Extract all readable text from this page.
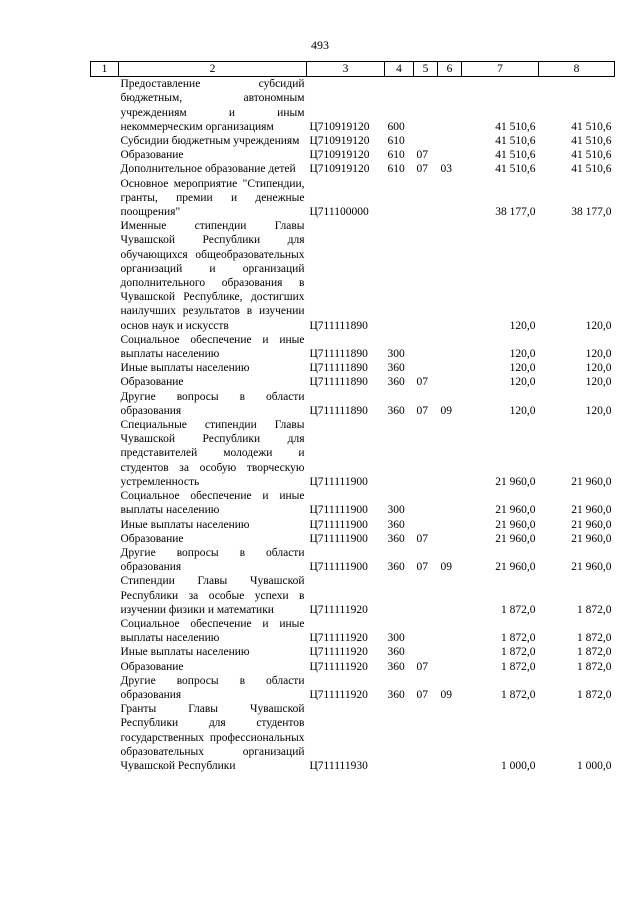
493
1	2	3	4	5	6	7	8
	Предоставление субсидий бюджетным, автономным учреждениям и иным некоммерческим организациям	Ц710919120	600			41 510,6	41 510,6
	Субсидии бюджетным учреждениям	Ц710919120	610			41 510,6	41 510,6
	Образование	Ц710919120	610	07		41 510,6	41 510,6
	Дополнительное образование детей	Ц710919120	610	07	03	41 510,6	41 510,6
	Основное мероприятие "Стипендии, гранты, премии и денежные поощрения"	Ц711100000				38 177,0	38 177,0
	Именные стипендии Главы Чувашской Республики для обучающихся общеобразовательных организаций и организаций дополнительного образования в Чувашской Республике, достигших наилучших результатов в изучении основ наук и искусств	Ц711111890				120,0	120,0
	Социальное обеспечение и иные выплаты населению	Ц711111890	300			120,0	120,0
	Иные выплаты населению	Ц711111890	360			120,0	120,0
	Образование	Ц711111890	360	07		120,0	120,0
	Другие вопросы в области образования	Ц711111890	360	07	09	120,0	120,0
	Специальные стипендии Главы Чувашской Республики для представителей молодежи и студентов за особую творческую устремленность	Ц711111900				21 960,0	21 960,0
	Социальное обеспечение и иные выплаты населению	Ц711111900	300			21 960,0	21 960,0
	Иные выплаты населению	Ц711111900	360			21 960,0	21 960,0
	Образование	Ц711111900	360	07		21 960,0	21 960,0
	Другие вопросы в области образования	Ц711111900	360	07	09	21 960,0	21 960,0
	Стипендии Главы Чувашской Республики за особые успехи в изучении физики и математики	Ц711111920				1 872,0	1 872,0
	Социальное обеспечение и иные выплаты населению	Ц711111920	300			1 872,0	1 872,0
	Иные выплаты населению	Ц711111920	360			1 872,0	1 872,0
	Образование	Ц711111920	360	07		1 872,0	1 872,0
	Другие вопросы в области образования	Ц711111920	360	07	09	1 872,0	1 872,0
	Гранты Главы Чувашской Республики для студентов государственных профессиональных образовательных организаций Чувашской Республики	Ц711111930				1 000,0	1 000,0
